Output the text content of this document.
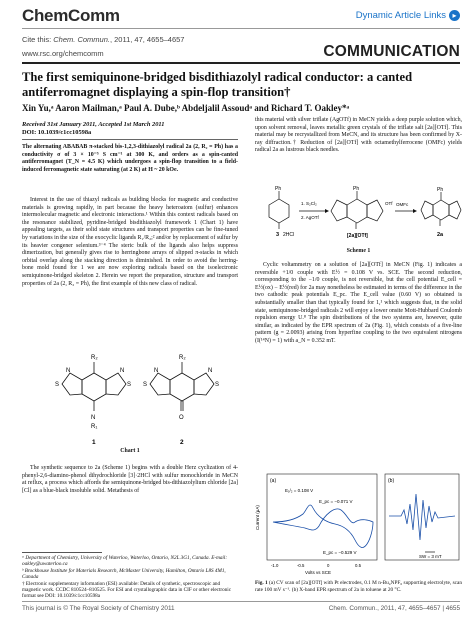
ChemComm	Dynamic Article Links ▸
Cite this: Chem. Commun., 2011, 47, 4655–4657
www.rsc.org/chemcomm	COMMUNICATION
The first semiquinone-bridged bisdithiazolyl radical conductor: a canted antiferromagnet displaying a spin-flop transition†
Xin Yu,ᵃ Aaron Mailman,ᵃ Paul A. Dube,ᵇ Abdeljalil Assoudᵃ and Richard T. Oakley*ᵃ
Received 31st January 2011, Accepted 1st March 2011
DOI: 10.1039/c1cc10598a
The alternating ABABAB π-stacked bis-1,2,3-dithiazolyl radical 2a (2, R₂ = Ph) has a conductivity σ of 3 × 10⁻⁵ S cm⁻¹ at 300 K, and orders as a spin-canted antiferromagnet (T_N = 4.5 K) which undergoes a spin-flop transition to a field-induced ferromagnetic state saturating (at 2 K) at H ~ 20 kOe.

Interest in the use of thiazyl radicals as building blocks for magnetic and conductive materials is growing rapidly, in part because the heavy heteroatom (sulfur) enhances intermolecular magnetic and electronic interactions.¹ Within this context radicals based on the resonance stabilized, pyridine-bridged bisdithiazolyl framework 1 (Chart 1) have appealing targets, as their solid state structures and transport properties can be fine-tuned by variations in the size of the exocyclic ligands R₁/R₂;² and/or by replacement of sulfur by its heavier congener selenium.³⁻⁴ The steric bulk of the ligands also helps suppress dimerization, but generally gives rise to herringbone arrays of slipped π-stacks in which orbital overlap along the stacking direction is diminished. In order to avoid the herring-bone mold found for 1 we are now exploring radicals based on the isoelectronic semiquinone-bridged skeleton 2. Herein we report the preparation, structure and transport properties of 2a (2, R₂ = Ph), the first example of this new class of radical.

R₂
N
R₁
N	N
S	S
1
R₂
O
N	N
S	S
2
Chart 1
The synthetic sequence to 2a (Scheme 1) begins with a double Herz cyclization of 4-phenyl-2,6-diamino-phenol dihydrochloride [3]·2HCl with sulfur monochloride in MeCN at reflux, a process which affords the semiquinone-bridged bis-dithiazolylium chloride [2a][Cl] as a blue-black insoluble solid. Metathesis of
ᵃ Department of Chemistry, University of Waterloo, Waterloo, Ontario, N2L 3G1, Canada. E-mail: oakley@uwaterloo.ca
ᵇ Brockhouse Institute for Materials Research, McMaster University, Hamilton, Ontario L8S 4M1, Canada
† Electronic supplementary information (ESI) available: Details of synthetic, spectroscopic and magnetic work. CCDC 810524–810525. For ESI and crystallographic data in CIF or other electronic format see DOI: 10.1039/c1cc10598a
this material with silver triflate (AgOTf) in MeCN yields a deep purple solution which, upon solvent removal, leaves metallic green crystals of the triflate salt [2a][OTf]. This material may be recrystallized from MeCN, and its structure has been confirmed by X-ray diffraction.† Reduction of [2a][OTf] with octamethylferrocene (OMFc) yields radical 2a as lustrous black needles.
Ph
3 2HCl
1. S₂Cl₂
2. AgOTf
Ph
OTf
[2a][OTf]
OMFc
Ph
2a
Scheme 1
Cyclic voltammetry on a solution of [2a][OTf] in MeCN (Fig. 1) indicates a reversible +1/0 couple with E½ = 0.108 V vs. SCE. The second reduction, corresponding to the −1/0 couple, is not reversible, but the cell potential E_cell = E½(ox) − E½(red) for 2a may nonetheless be estimated in terms of the difference in the two cathodic peak potentials E_pc. The E_cell value (0.60 V) so obtained is substantially smaller than that typically found for 1,¹ which suggests that, in the solid state, semiquinone-bridged radicals 2 will enjoy a lower onsite Mott-Hubbard Coulomb repulsion energy U.⁸ The spin distributions of the two systems are, however, quite similar, as indicated by the EPR spectrum of 2a (Fig. 1), which consists of a five-line pattern (g = 2.0093) arising from hyperfine coupling to the two equivalent nitrogens (I(¹⁴N) = 1) with a_N = 0.352 mT.
(a)
Current (μA)
E₁/₂ = 0.108 V
E_pc = −0.071 V
E_pc = −0.529 V
-1.0	-0.5	0	0.5
Volts vs SCE
(b)
SW = 3 mT
Fig. 1 (a) CV scan of [2a][OTf] with Pt electrodes, 0.1 M n-Bu₄NPF₆ supporting electrolyte, scan rate 100 mV s⁻¹. (b) X-band EPR spectrum of 2a in toluene at 20 °C.
This journal is © The Royal Society of Chemistry 2011	Chem. Commun., 2011, 47, 4655–4657 | 4655
